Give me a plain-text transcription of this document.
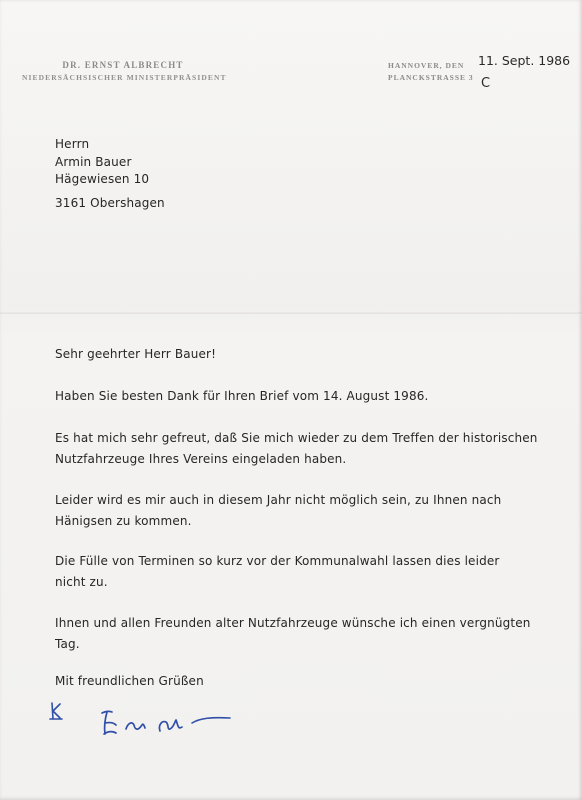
DR. ERNST ALBRECHT
NIEDERSÄCHSISCHER MINISTERPRÄSIDENT
HANNOVER, DEN
PLANCKSTRASSE 3
11. Sept. 1986
C
Herrn
Armin Bauer
Hägewiesen 10
3161 Obershagen
Sehr geehrter Herr Bauer!
Haben Sie besten Dank für Ihren Brief vom 14. August 1986.
Es hat mich sehr gefreut, daß Sie mich wieder zu dem Treffen der historischen
Nutzfahrzeuge Ihres Vereins eingeladen haben.
Leider wird es mir auch in diesem Jahr nicht möglich sein, zu Ihnen nach
Hänigsen zu kommen.
Die Fülle von Terminen so kurz vor der Kommunalwahl lassen dies leider
nicht zu.
Ihnen und allen Freunden alter Nutzfahrzeuge wünsche ich einen vergnügten
Tag.
Mit freundlichen Grüßen
